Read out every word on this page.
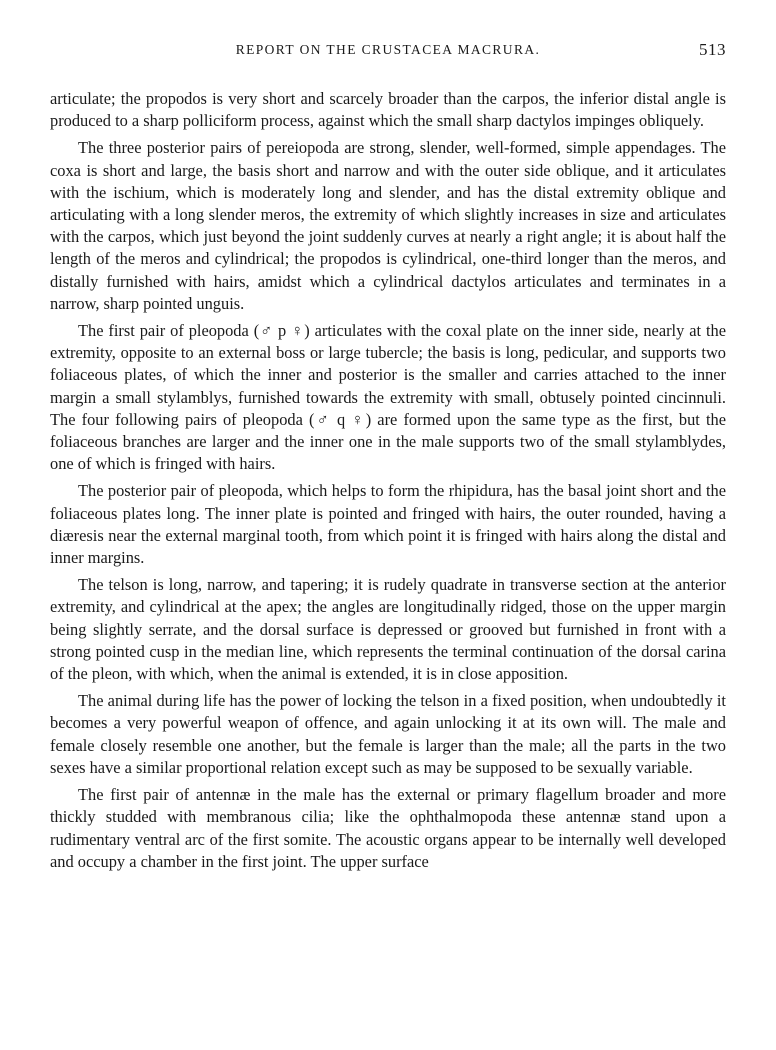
REPORT ON THE CRUSTACEA MACRURA.	513

articulate; the propodos is very short and scarcely broader than the carpos, the inferior distal angle is produced to a sharp polliciform process, against which the small sharp dactylos impinges obliquely.

The three posterior pairs of pereiopoda are strong, slender, well-formed, simple appendages. The coxa is short and large, the basis short and narrow and with the outer side oblique, and it articulates with the ischium, which is moderately long and slender, and has the distal extremity oblique and articulating with a long slender meros, the extremity of which slightly increases in size and articulates with the carpos, which just beyond the joint suddenly curves at nearly a right angle; it is about half the length of the meros and cylindrical; the propodos is cylindrical, one-third longer than the meros, and distally furnished with hairs, amidst which a cylindrical dactylos articulates and terminates in a narrow, sharp pointed unguis.

The first pair of pleopoda (♂ p ♀) articulates with the coxal plate on the inner side, nearly at the extremity, opposite to an external boss or large tubercle; the basis is long, pedicular, and supports two foliaceous plates, of which the inner and posterior is the smaller and carries attached to the inner margin a small stylamblys, furnished towards the extremity with small, obtusely pointed cincinnuli. The four following pairs of pleopoda (♂ q ♀) are formed upon the same type as the first, but the foliaceous branches are larger and the inner one in the male supports two of the small stylamblydes, one of which is fringed with hairs.

The posterior pair of pleopoda, which helps to form the rhipidura, has the basal joint short and the foliaceous plates long. The inner plate is pointed and fringed with hairs, the outer rounded, having a diæresis near the external marginal tooth, from which point it is fringed with hairs along the distal and inner margins.

The telson is long, narrow, and tapering; it is rudely quadrate in transverse section at the anterior extremity, and cylindrical at the apex; the angles are longitudinally ridged, those on the upper margin being slightly serrate, and the dorsal surface is depressed or grooved but furnished in front with a strong pointed cusp in the median line, which represents the terminal continuation of the dorsal carina of the pleon, with which, when the animal is extended, it is in close apposition.

The animal during life has the power of locking the telson in a fixed position, when undoubtedly it becomes a very powerful weapon of offence, and again unlocking it at its own will. The male and female closely resemble one another, but the female is larger than the male; all the parts in the two sexes have a similar proportional relation except such as may be supposed to be sexually variable.

The first pair of antennæ in the male has the external or primary flagellum broader and more thickly studded with membranous cilia; like the ophthalmopoda these antennæ stand upon a rudimentary ventral arc of the first somite. The acoustic organs appear to be internally well developed and occupy a chamber in the first joint. The upper surface
